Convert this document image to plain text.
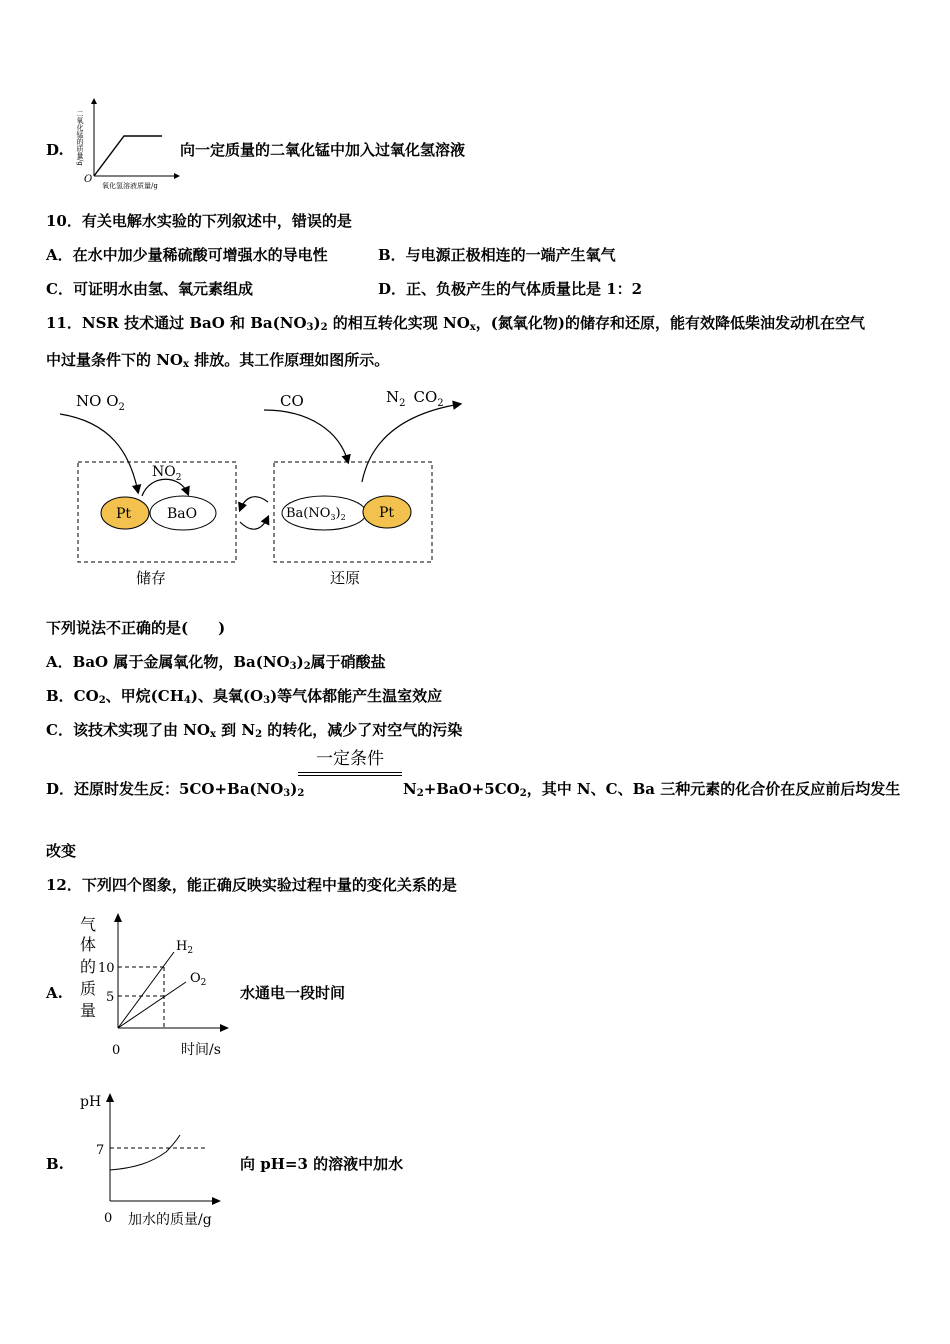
D.
O
氧化氢溶液质量/g
二氧化锰的质量/g	向一定质量的二氧化锰中加入过氧化氢溶液
10．有关电解水实验的下列叙述中，错误的是
A．在水中加少量稀硫酸可增强水的导电性	B．与电源正极相连的一端产生氧气
C．可证明水由氢、氧元素组成	D．正、负极产生的气体质量比是 1：2
11．NSR 技术通过 BaO 和 $Ba(NO_3)_2$ 的相互转化实现 $NO_x$，(氮氧化物)的储存和还原，能有效降低柴油发动机在空气
中过量条件下的 $NO_x$ 排放。其工作原理如图所示。
NO $O_2$
$NO_2$
Pt	BaO
储存
CO	$N_2$ $CO_2$
$Ba(NO_3)_2$ Pt
还原
下列说法不正确的是(　　)
A．BaO 属于金属氧化物，$Ba(NO_3)_2$属于硝酸盐
B．$CO_2$、甲烷$(CH_4)$、臭氧$(O_3)$等气体都能产生温室效应
C．该技术实现了由 $NO_x$ 到 $N_2$ 的转化，减少了对空气的污染
一定条件
D．还原时发生反：$5CO+Ba(NO_3)_2$	$N_2+BaO+5CO_2$，其中 N、C、Ba 三种元素的化合价在反应前后均发生
改变
12．下列四个图象，能正确反映实验过程中量的变化关系的是
A.
气
体
的
质
量
10
5
$H_2$
$O_2$
0	时间/s
水通电一段时间
B.
pH
7
0 加水的质量/g
向 pH=3 的溶液中加水
